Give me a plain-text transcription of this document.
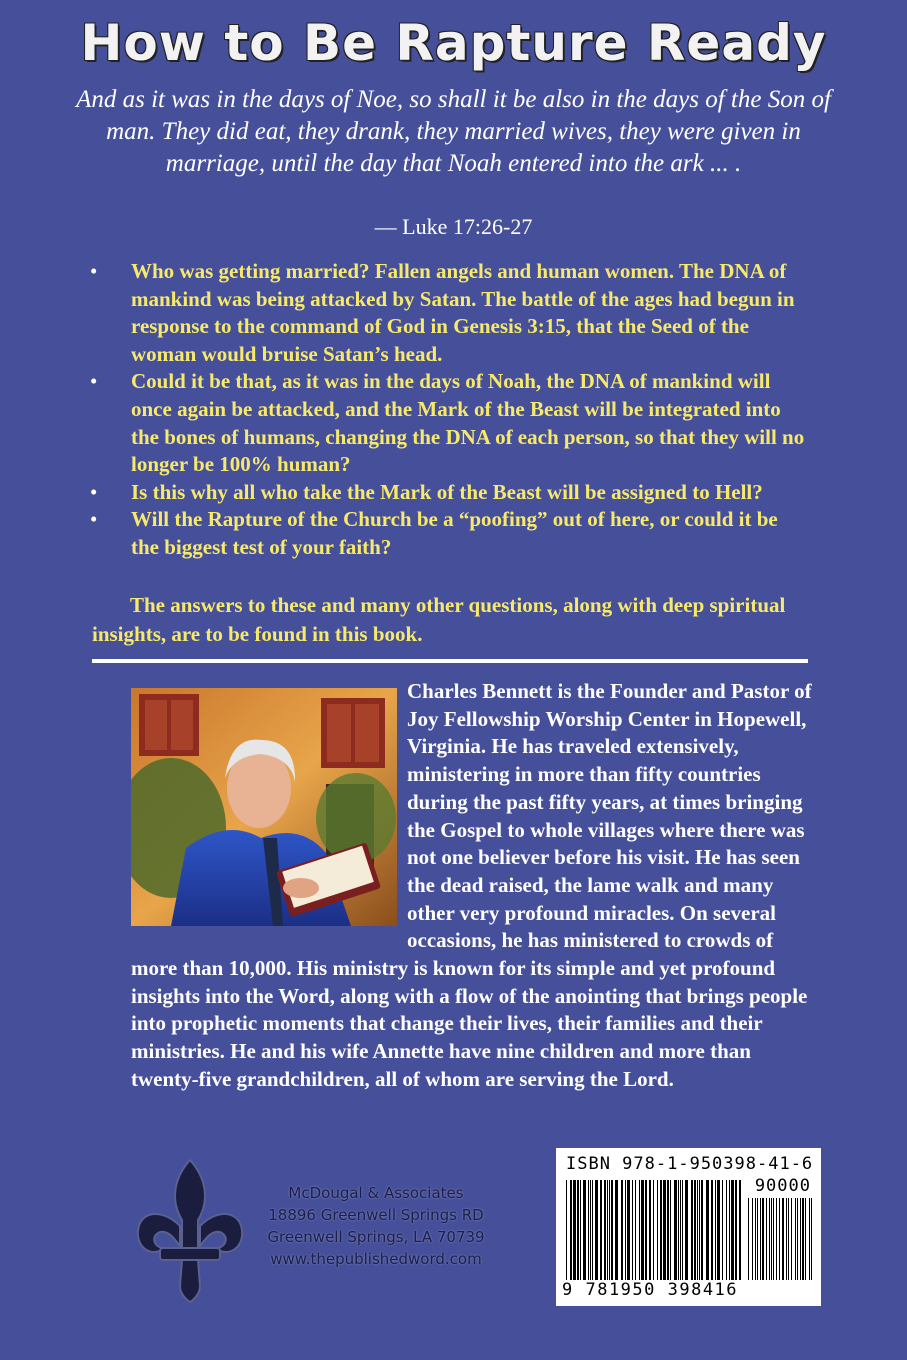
How to Be Rapture Ready
And as it was in the days of Noe, so shall it be also in the days of the Son of man. They did eat, they drank, they married wives, they were given in marriage, until the day that Noah entered into the ark ... .
— Luke 17:26-27
• Who was getting married? Fallen angels and human women. The DNA of mankind was being attacked by Satan. The battle of the ages had begun in response to the command of God in Genesis 3:15, that the Seed of the woman would bruise Satan’s head.
• Could it be that, as it was in the days of Noah, the DNA of mankind will once again be attacked, and the Mark of the Beast will be integrated into the bones of humans, changing the DNA of each person, so that they will no longer be 100% human?
• Is this why all who take the Mark of the Beast will be assigned to Hell?
• Will the Rapture of the Church be a “poofing” out of here, or could it be the biggest test of your faith?

The answers to these and many other questions, along with deep spiritual insights, are to be found in this book.

Charles Bennett is the Founder and Pastor of Joy Fellowship Worship Center in Hopewell, Virginia. He has traveled extensively, ministering in more than fifty countries during the past fifty years, at times bringing the Gospel to whole villages where there was not one believer before his visit. He has seen the dead raised, the lame walk and many other very profound miracles. On several occasions, he has ministered to crowds of more than 10,000. His ministry is known for its simple and yet profound insights into the Word, along with a flow of the anointing that brings people into prophetic moments that change their lives, their families and their ministries. He and his wife Annette have nine children and more than twenty-five grandchildren, all of whom are serving the Lord.

McDougal & Associates
18896 Greenwell Springs RD
Greenwell Springs, LA 70739
www.thepublishedword.com
ISBN 978-1-950398-41-6
90000
9 781950 398416
